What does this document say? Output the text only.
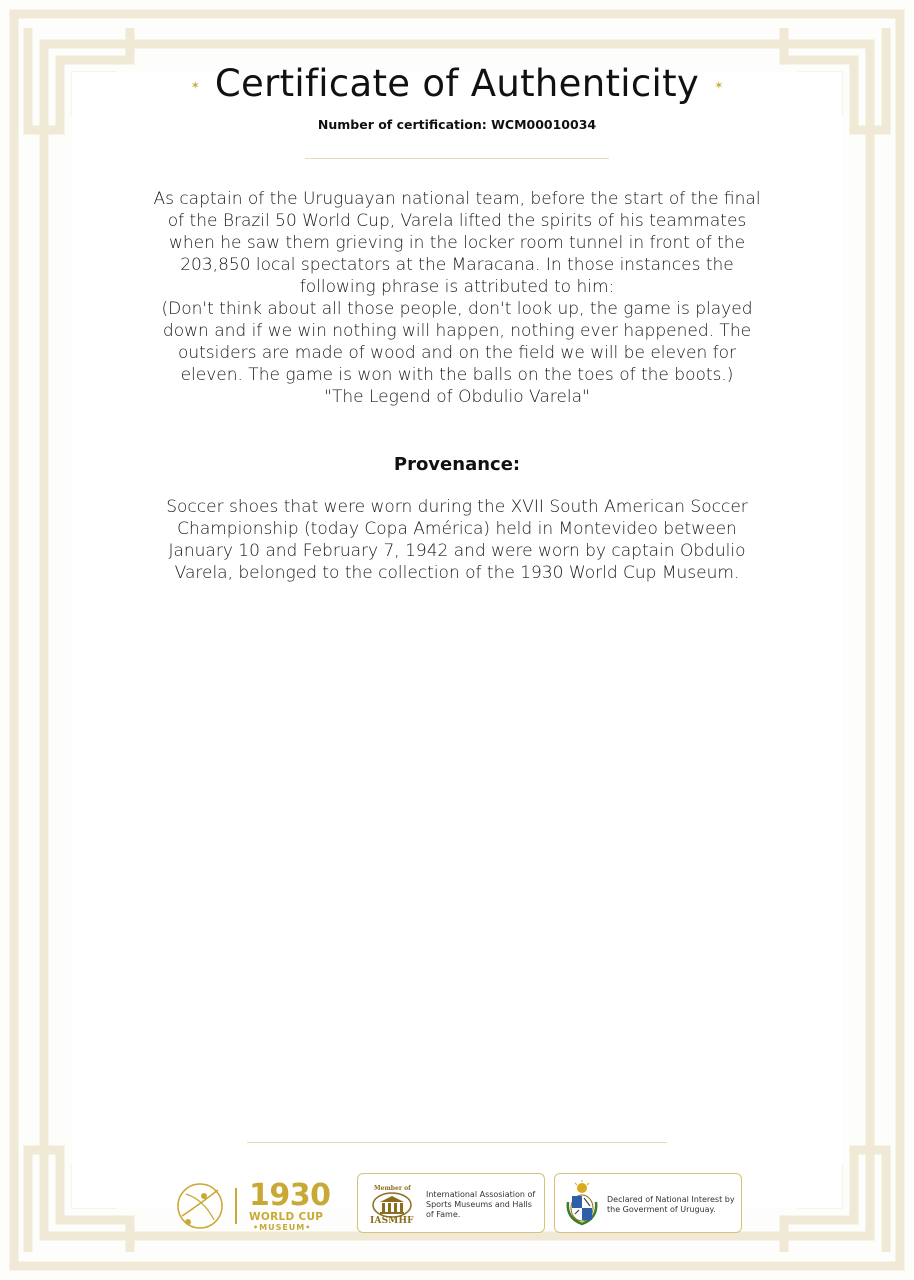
✶ Certificate of Authenticity ✶
Number of certification: WCM00010034

As captain of the Uruguayan national team, before the start of the final

of the Brazil 50 World Cup, Varela lifted the spirits of his teammates

when he saw them grieving in the locker room tunnel in front of the

203,850 local spectators at the Maracana. In those instances the

following phrase is attributed to him:

(Don't think about all those people, don't look up, the game is played

down and if we win nothing will happen, nothing ever happened. The

outsiders are made of wood and on the field we will be eleven for

eleven. The game is won with the balls on the toes of the boots.)

"The Legend of Obdulio Varela"

Provenance:

Soccer shoes that were worn during the XVII South American Soccer

Championship (today Copa América) held in Montevideo between

January 10 and February 7, 1942 and were worn by captain Obdulio

Varela, belonged to the collection of the 1930 World Cup Museum.

1930
WORLD CUP
•MUSEUM•
Member of
IASMHF
International Assosiation of Sports Museums and Halls of Fame.
Declared of National Interest by the Goverment of Uruguay.
